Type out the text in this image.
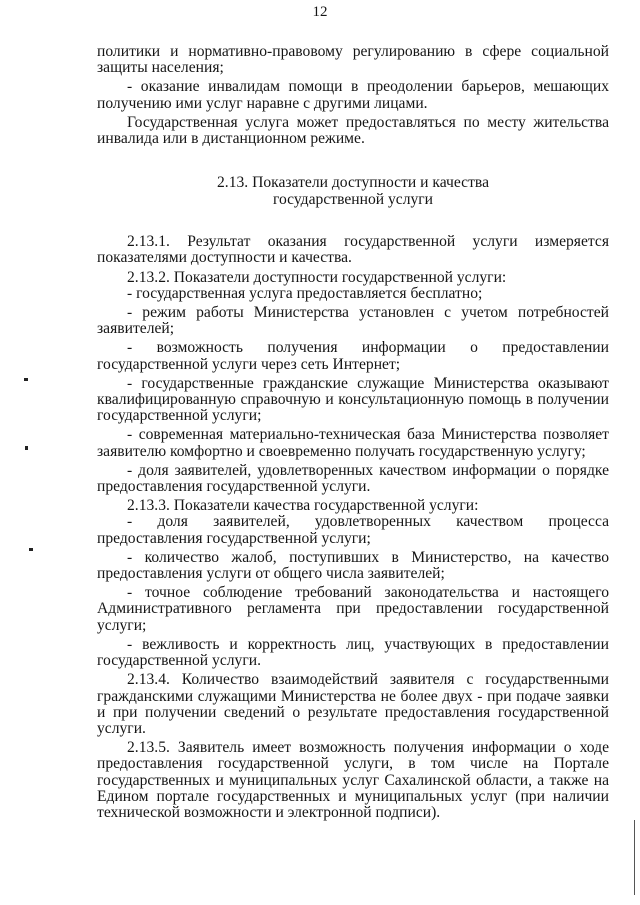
12

политики и нормативно-правовому регулированию в сфере социальной защиты населения;

- оказание инвалидам помощи в преодолении барьеров, мешающих получению ими услуг наравне с другими лицами.

Государственная услуга может предоставляться по месту жительства инвалида или в дистанционном режиме.

2.13. Показатели доступности и качества
государственной услуги

2.13.1. Результат оказания государственной услуги измеряется показателями доступности и качества.

2.13.2. Показатели доступности государственной услуги:

- государственная услуга предоставляется бесплатно;

- режим работы Министерства установлен с учетом потребностей заявителей;

- возможность получения информации о предоставлении государственной услуги через сеть Интернет;

- государственные гражданские служащие Министерства оказывают квалифицированную справочную и консультационную помощь в получении государственной услуги;

- современная материально-техническая база Министерства позволяет заявителю комфортно и своевременно получать государственную услугу;

- доля заявителей, удовлетворенных качеством информации о порядке предоставления государственной услуги.

2.13.3. Показатели качества государственной услуги:

- доля заявителей, удовлетворенных качеством процесса предоставления государственной услуги;

- количество жалоб, поступивших в Министерство, на качество предоставления услуги от общего числа заявителей;

- точное соблюдение требований законодательства и настоящего Административного регламента при предоставлении государственной услуги;

- вежливость и корректность лиц, участвующих в предоставлении государственной услуги.

2.13.4. Количество взаимодействий заявителя с государственными гражданскими служащими Министерства не более двух - при подаче заявки и при получении сведений о результате предоставления государственной услуги.

2.13.5. Заявитель имеет возможность получения информации о ходе предоставления государственной услуги, в том числе на Портале государственных и муниципальных услуг Сахалинской области, а также на Едином портале государственных и муниципальных услуг (при наличии технической возможности и электронной подписи).
